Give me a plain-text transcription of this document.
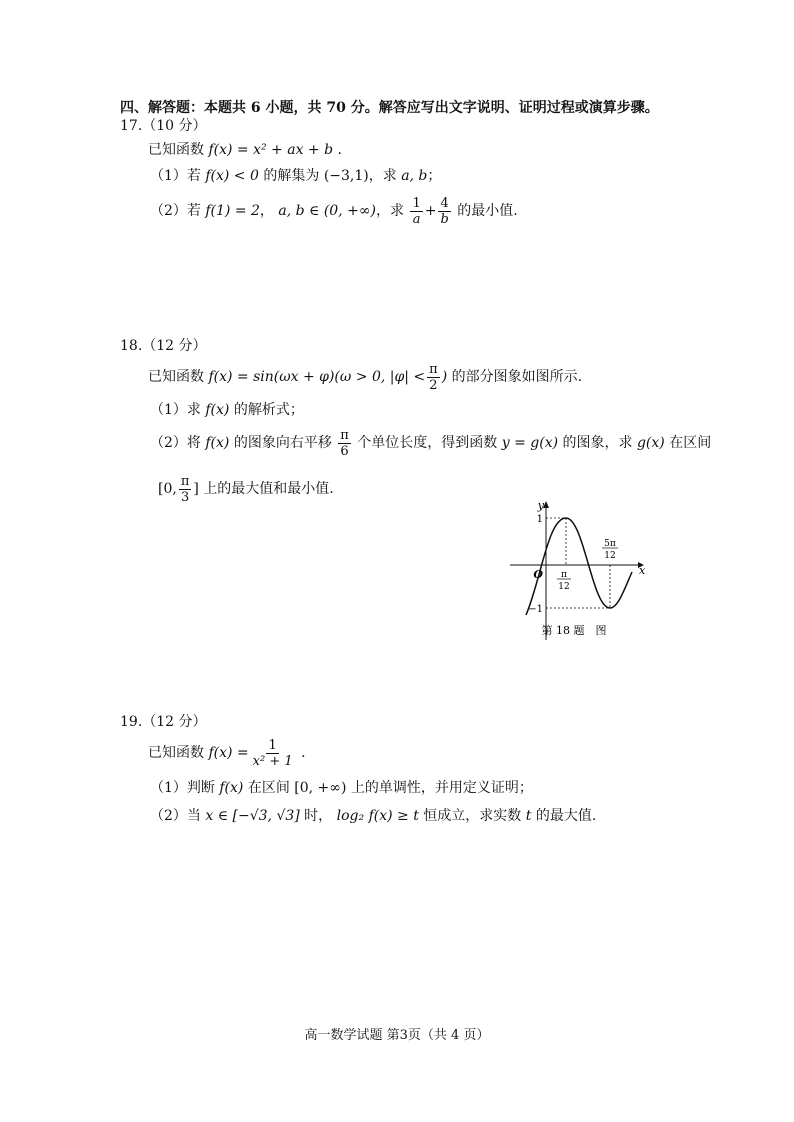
四、解答题：本题共 6 小题，共 70 分。解答应写出文字说明、证明过程或演算步骤。
17.（10 分）
已知函数 f(x) = x² + ax + b .
（1）若 f(x) < 0 的解集为 (−3,1)，求 a, b；
（2）若 f(1) = 2， a, b ∈ (0, +∞)，求 $\frac{1}{a} + \frac{4}{b}$ 的最小值.
18.（12 分）
已知函数 f(x) = sin(ωx + φ)(ω > 0, $|\varphi| < \frac{\pi}{2}$ ) 的部分图象如图所示.
（1）求 f(x) 的解析式；
（2）将 f(x) 的图象向右平移 $\frac{\pi}{6}$ 个单位长度，得到函数 y = g(x) 的图象，求 g(x) 在区间
[0, $\frac{\pi}{3}$ ] 上的最大值和最小值.
y
x
O
1
−1
π
12
5π
12
第 18 题　图
19.（12 分）
已知函数 $f(x) = \frac{1}{\text{x² + 1}}$ .
（1）判断 f(x) 在区间 [0, +∞) 上的单调性，并用定义证明；
（2）当 x ∈ [−√3, √3] 时， log₂ f(x) ≥ t 恒成立，求实数 t 的最大值.
高一数学试题 第3页（共 4 页）
